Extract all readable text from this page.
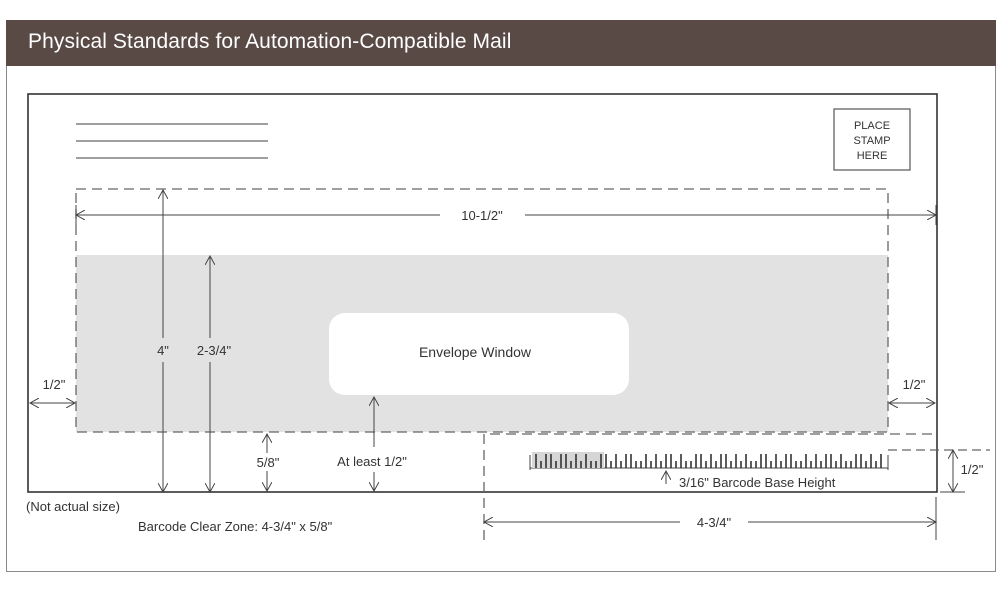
Physical Standards for Automation-Compatible Mail
PLACE
STAMP
HERE
Envelope Window
10-1/2"
4" 2-3/4"
1/2"	1/2"
5/8"	At least 1/2"
3/16" Barcode Base Height
1/2"
4-3/4"
(Not actual size)
Barcode Clear Zone: 4-3/4" x 5/8"
